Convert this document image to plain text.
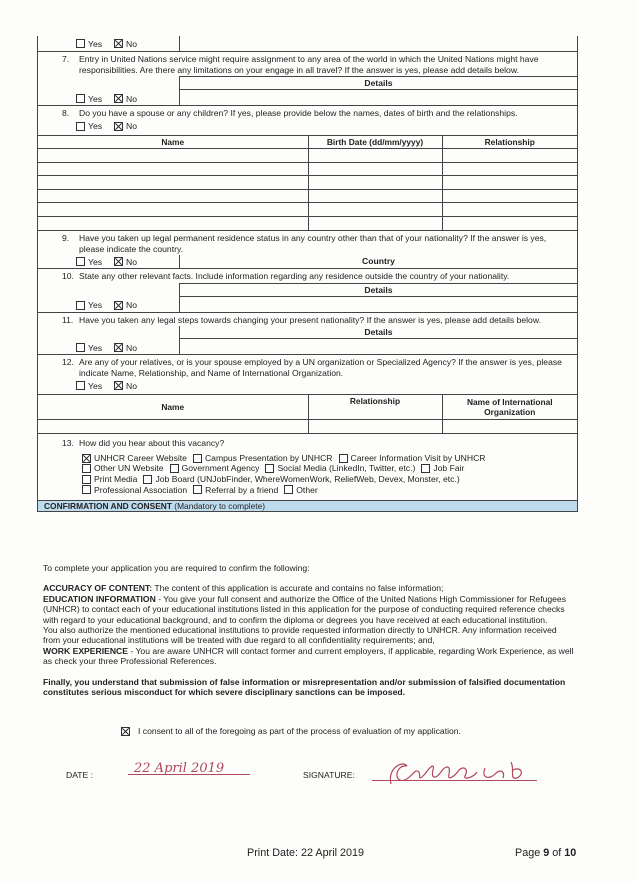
Yes	No
7.	Entry in United Nations service might require assignment to any area of the world in which the United Nations might have responsibilities. Are there any limitations on your engage in all travel? If the answer is yes, please add details below.
Yes	No
Details
8.	Do you have a spouse or any children? If yes, please provide below the names, dates of birth and the relationships.
Yes	No
Name	Birth Date (dd/mm/yyyy)	Relationship

9.	Have you taken up legal permanent residence status in any country other than that of your nationality? If the answer is yes, please indicate the country.
Yes	No	Country
10. State any other relevant facts. Include information regarding any residence outside the country of your nationality.
Yes	No
Details
11. Have you taken any legal steps towards changing your present nationality? If the answer is yes, please add details below.
Yes	No
Details
12. Are any of your relatives, or is your spouse employed by a UN organization or Specialized Agency? If the answer is yes, please indicate Name, Relationship, and Name of International Organization.
Yes	No
Name	Relationship	Name of International Organization

13. How did you hear about this vacancy?
UNHCR Career Website Campus Presentation by UNHCR Career Information Visit by UNHCR
Other UN Website Government Agency Social Media (LinkedIn, Twitter, etc.) Job Fair
Print Media Job Board (UNJobFinder, WhereWomenWork, ReliefWeb, Devex, Monster, etc.)
Professional Association Referral by a friend Other
CONFIRMATION AND CONSENT (Mandatory to complete)

To complete your application you are required to confirm the following:

ACCURACY OF CONTENT: The content of this application is accurate and contains no false information;

EDUCATION INFORMATION - You give your full consent and authorize the Office of the United Nations High Commissioner for Refugees (UNHCR) to contact each of your educational institutions listed in this application for the purpose of conducting required reference checks with regard to your educational background, and to confirm the diploma or degrees you have received at each educational institution.

You also authorize the mentioned educational institutions to provide requested information directly to UNHCR. Any information received from your educational institutions will be treated with due regard to all confidentiality requirements; and,

WORK EXPERIENCE - You are aware UNHCR will contact former and current employers, if applicable, regarding Work Experience, as well as check your three Professional References.

Finally, you understand that submission of false information or misrepresentation and/or submission of falsified documentation constitutes serious misconduct for which severe disciplinary sanctions can be imposed.

I consent to all of the foregoing as part of the process of evaluation of my application.
DATE :	22 April 2019	SIGNATURE:
Print Date: 22 April 2019	Page 9 of 10
